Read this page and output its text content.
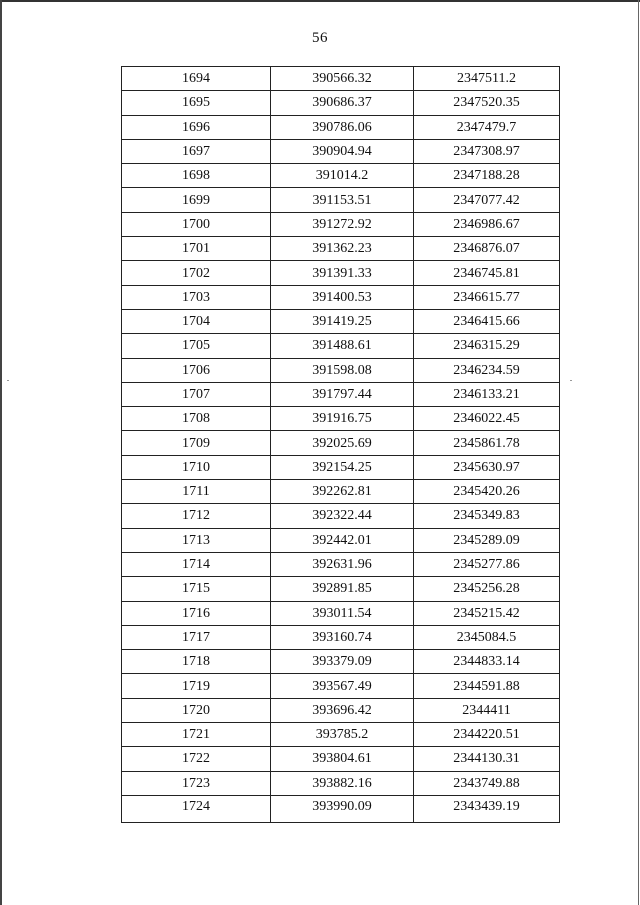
56
1694	390566.32	2347511.2
1695	390686.37	2347520.35
1696	390786.06	2347479.7
1697	390904.94	2347308.97
1698	391014.2	2347188.28
1699	391153.51	2347077.42
1700	391272.92	2346986.67
1701	391362.23	2346876.07
1702	391391.33	2346745.81
1703	391400.53	2346615.77
1704	391419.25	2346415.66
1705	391488.61	2346315.29
1706	391598.08	2346234.59
1707	391797.44	2346133.21
1708	391916.75	2346022.45
1709	392025.69	2345861.78
1710	392154.25	2345630.97
1711	392262.81	2345420.26
1712	392322.44	2345349.83
1713	392442.01	2345289.09
1714	392631.96	2345277.86
1715	392891.85	2345256.28
1716	393011.54	2345215.42
1717	393160.74	2345084.5
1718	393379.09	2344833.14
1719	393567.49	2344591.88
1720	393696.42	2344411
1721	393785.2	2344220.51
1722	393804.61	2344130.31
1723	393882.16	2343749.88
1724	393990.09	2343439.19
